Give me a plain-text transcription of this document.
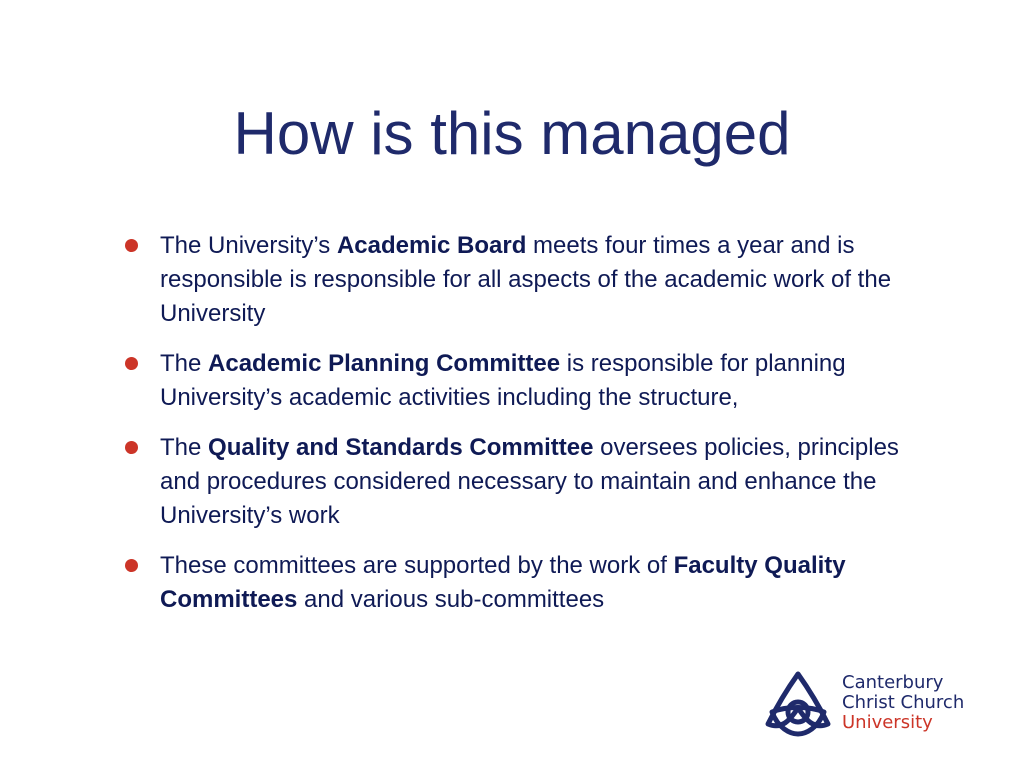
How is this managed
The University’s Academic Board meets four times a year and is responsible is responsible for all aspects of the academic work of the University
The Academic Planning Committee is responsible for planning University’s academic activities including the structure,
The Quality and Standards Committee oversees policies, principles and procedures considered necessary to maintain and enhance the University’s work
These committees are supported by the work of Faculty Quality Committees and various sub-committees
Canterbury
Christ Church
University
